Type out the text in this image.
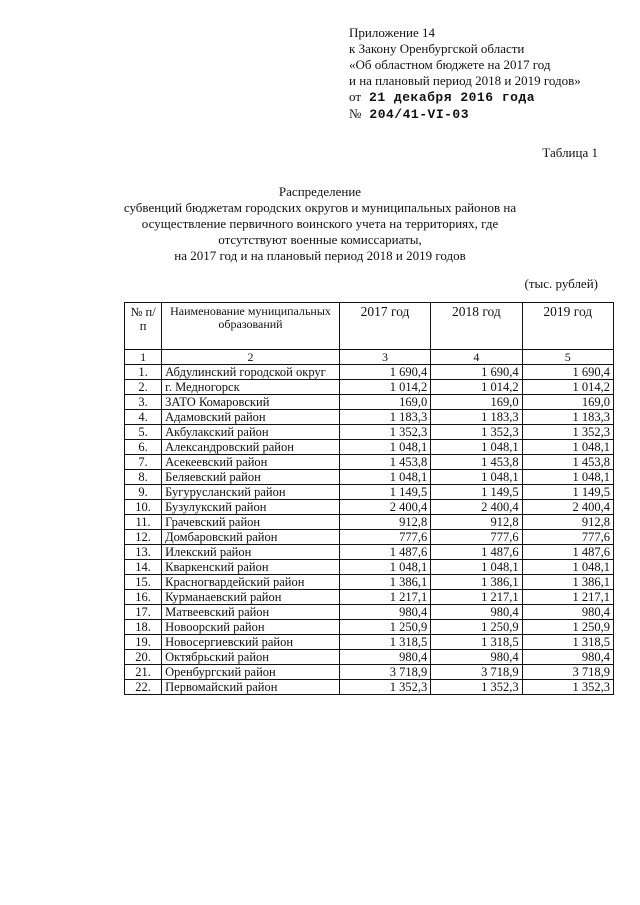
Приложение 14
к Закону Оренбургской области
«Об областном бюджете на 2017 год
и на плановый период 2018 и 2019 годов»
от 21 декабря 2016 года
№ 204/41-VI-03
Таблица 1
Распределение
субвенций бюджетам городских округов и муниципальных районов на
осуществление первичного воинского учета на территориях, где
отсутствуют военные комиссариаты,
на 2017 год и на плановый период 2018 и 2019 годов
(тыс. рублей)
№ п/п	Наименование муниципальных образований	2017 год	2018 год	2019 год
1	2	3	4	5
1.	Абдулинский городской округ	1 690,4	1 690,4	1 690,4
2.	г. Медногорск	1 014,2	1 014,2	1 014,2
3.	ЗАТО Комаровский	169,0	169,0	169,0
4.	Адамовский район	1 183,3	1 183,3	1 183,3
5.	Акбулакский район	1 352,3	1 352,3	1 352,3
6.	Александровский район	1 048,1	1 048,1	1 048,1
7.	Асекеевский район	1 453,8	1 453,8	1 453,8
8.	Беляевский район	1 048,1	1 048,1	1 048,1
9.	Бугурусланский район	1 149,5	1 149,5	1 149,5
10.	Бузулукский район	2 400,4	2 400,4	2 400,4
11.	Грачевский район	912,8	912,8	912,8
12.	Домбаровский район	777,6	777,6	777,6
13.	Илекский район	1 487,6	1 487,6	1 487,6
14.	Кваркенский район	1 048,1	1 048,1	1 048,1
15.	Красногвардейский район	1 386,1	1 386,1	1 386,1
16.	Курманаевский район	1 217,1	1 217,1	1 217,1
17.	Матвеевский район	980,4	980,4	980,4
18.	Новоорский район	1 250,9	1 250,9	1 250,9
19.	Новосергиевский район	1 318,5	1 318,5	1 318,5
20.	Октябрьский район	980,4	980,4	980,4
21.	Оренбургский район	3 718,9	3 718,9	3 718,9
22.	Первомайский район	1 352,3	1 352,3	1 352,3
